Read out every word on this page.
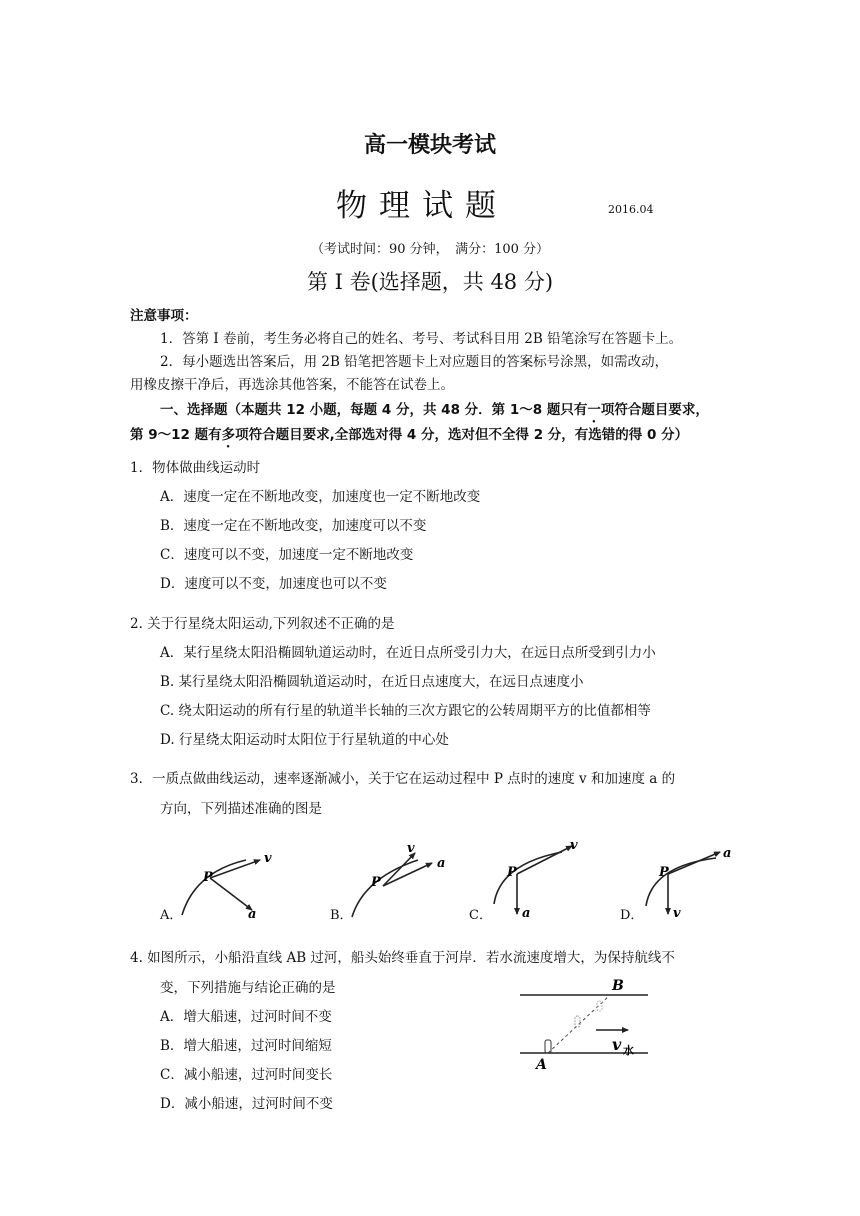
高一模块考试
物理试题	2016.04
（考试时间：90 分钟，　满分：100 分）
第 I 卷(选择题，共 48 分)
注意事项：
1．答第 I 卷前，考生务必将自己的姓名、考号、考试科目用 2B 铅笔涂写在答题卡上。
2．每小题选出答案后，用 2B 铅笔把答题卡上对应题目的答案标号涂黑，如需改动，
用橡皮擦干净后，再选涂其他答案，不能答在试卷上。
一、选择题（本题共 12 小题，每题 4 分，共 48 分．第 1～8 题只有一项符合题目要求，
第 9～12 题有多项符合题目要求,全部选对得 4 分，选对但不全得 2 分，有选错的得 0 分）
1．物体做曲线运动时
A．速度一定在不断地改变，加速度也一定不断地改变
B．速度一定在不断地改变，加速度可以不变
C．速度可以不变，加速度一定不断地改变
D．速度可以不变，加速度也可以不变
2. 关于行星绕太阳运动,下列叙述不正确的是
A．某行星绕太阳沿椭圆轨道运动时，在近日点所受引力大，在远日点所受到引力小
B. 某行星绕太阳沿椭圆轨道运动时，在近日点速度大，在远日点速度小
C. 绕太阳运动的所有行星的轨道半长轴的三次方跟它的公转周期平方的比值都相等
D. 行星绕太阳运动时太阳位于行星轨道的中心处
3．一质点做曲线运动，速率逐渐减小，关于它在运动过程中 P 点时的速度 v 和加速度 a 的
方向，下列描述准确的图是
A．	B．	C．	D．
P
v
a
P
v
a
P
v
a
P
a
v
B
A
v 水
4. 如图所示，小船沿直线 AB 过河，船头始终垂直于河岸．若水流速度增大，为保持航线不
变，下列措施与结论正确的是
A．增大船速，过河时间不变
B．增大船速，过河时间缩短
C．减小船速，过河时间变长
D．减小船速，过河时间不变
